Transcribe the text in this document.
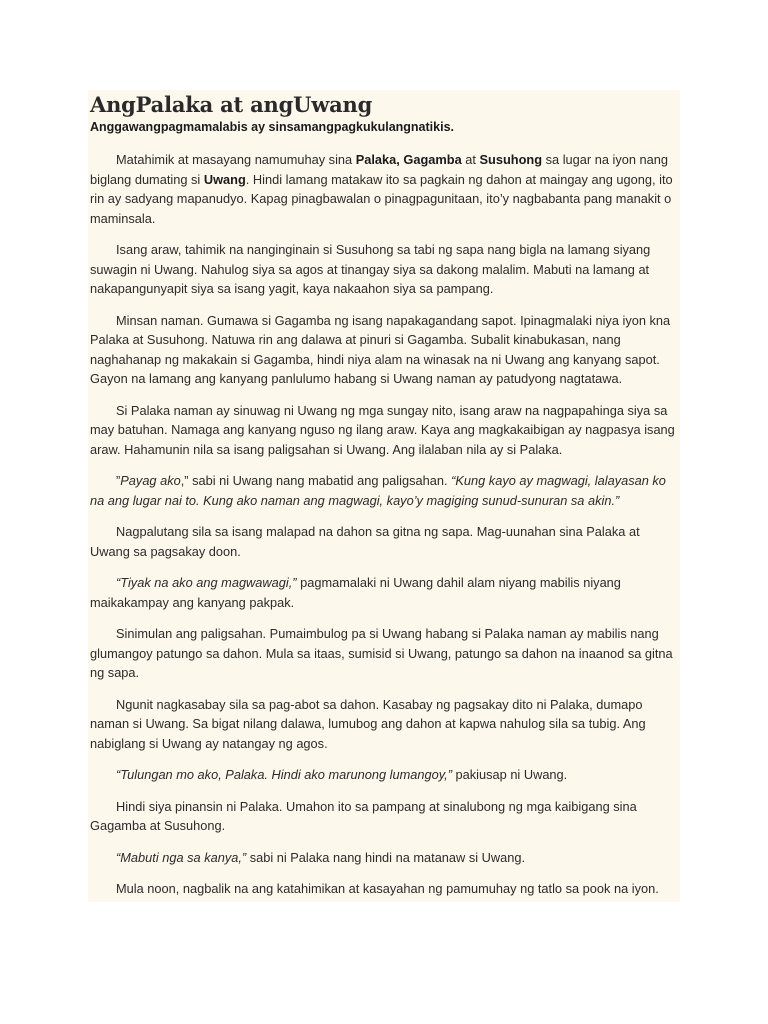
AngPalaka at angUwang
Anggawangpagmamalabis ay sinsamangpagkukulangnatikis.

Matahimik at masayang namumuhay sina Palaka, Gagamba at Susuhong sa lugar na iyon nang biglang dumating si Uwang. Hindi lamang matakaw ito sa pagkain ng dahon at maingay ang ugong, ito rin ay sadyang mapanudyo. Kapag pinagbawalan o pinagpagunitaan, ito’y nagbabanta pang manakit o maminsala.

Isang araw, tahimik na nanginginain si Susuhong sa tabi ng sapa nang bigla na lamang siyang suwagin ni Uwang. Nahulog siya sa agos at tinangay siya sa dakong malalim. Mabuti na lamang at nakapangunyapit siya sa isang yagit, kaya nakaahon siya sa pampang.

Minsan naman. Gumawa si Gagamba ng isang napakagandang sapot. Ipinagmalaki niya iyon kna Palaka at Susuhong. Natuwa rin ang dalawa at pinuri si Gagamba. Subalit kinabukasan, nang naghahanap ng makakain si Gagamba, hindi niya alam na winasak na ni Uwang ang kanyang sapot. Gayon na lamang ang kanyang panlulumo habang si Uwang naman ay patudyong nagtatawa.

Si Palaka naman ay sinuwag ni Uwang ng mga sungay nito, isang araw na nagpapahinga siya sa may batuhan. Namaga ang kanyang nguso ng ilang araw. Kaya ang magkakaibigan ay nagpasya isang araw. Hahamunin nila sa isang paligsahan si Uwang. Ang ilalaban nila ay si Palaka.

”Payag ako,” sabi ni Uwang nang mabatid ang paligsahan. “Kung kayo ay magwagi, lalayasan ko na ang lugar nai to. Kung ako naman ang magwagi, kayo’y magiging sunud-sunuran sa akin.”

Nagpalutang sila sa isang malapad na dahon sa gitna ng sapa. Mag-uunahan sina Palaka at Uwang sa pagsakay doon.

“Tiyak na ako ang magwawagi,” pagmamalaki ni Uwang dahil alam niyang mabilis niyang maikakampay ang kanyang pakpak.

Sinimulan ang paligsahan. Pumaimbulog pa si Uwang habang si Palaka naman ay mabilis nang glumangoy patungo sa dahon. Mula sa itaas, sumisid si Uwang, patungo sa dahon na inaanod sa gitna ng sapa.

Ngunit nagkasabay sila sa pag-abot sa dahon. Kasabay ng pagsakay dito ni Palaka, dumapo naman si Uwang. Sa bigat nilang dalawa, lumubog ang dahon at kapwa nahulog sila sa tubig. Ang nabiglang si Uwang ay natangay ng agos.

“Tulungan mo ako, Palaka. Hindi ako marunong lumangoy,” pakiusap ni Uwang.

Hindi siya pinansin ni Palaka. Umahon ito sa pampang at sinalubong ng mga kaibigang sina Gagamba at Susuhong.

“Mabuti nga sa kanya,” sabi ni Palaka nang hindi na matanaw si Uwang.

Mula noon, nagbalik na ang katahimikan at kasayahan ng pamumuhay ng tatlo sa pook na iyon.
